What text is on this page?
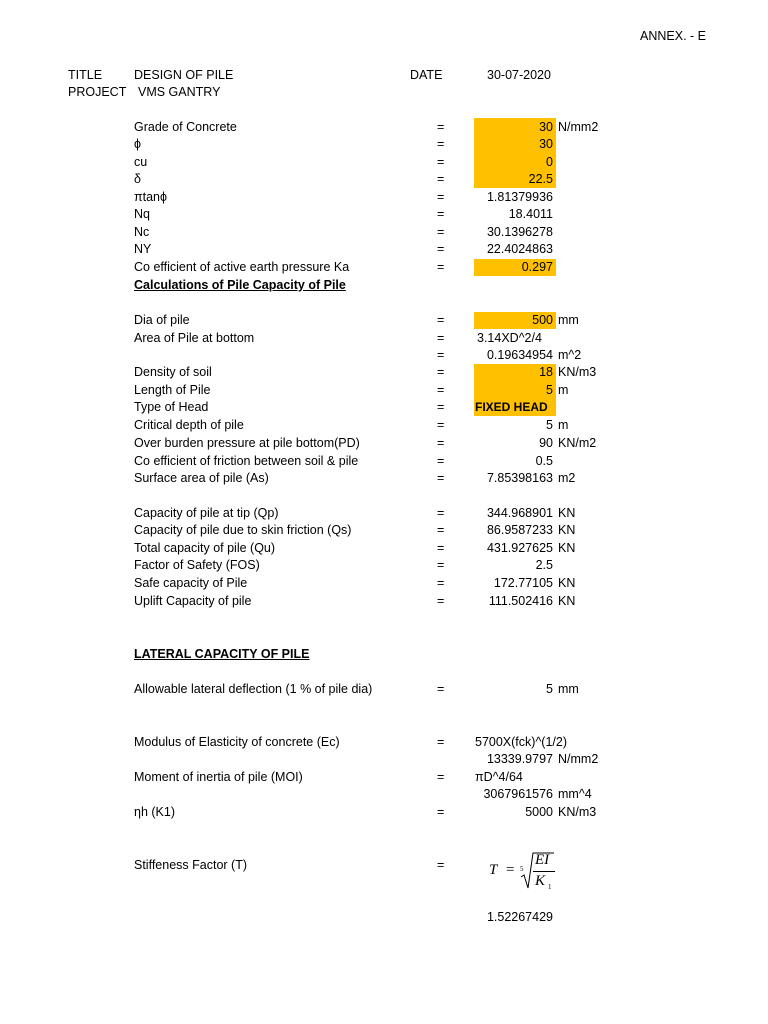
ANNEX. - E
TITLE	DESIGN OF PILE	DATE	30-07-2020
PROJECT VMS GANTRY
Grade of Concrete	=	30 N/mm2
ϕ	=	30
cu	=	0
δ	=	22.5
πtanϕ	=	1.81379936
Nq	=	18.4011
Nc	=	30.1396278
NY	=	22.4024863
Co efficient of active earth pressure Ka	=	0.297
Calculations of Pile Capacity of Pile
Dia of pile	=	500 mm
Area of Pile at bottom	=	3.14XD^2/4
=	0.19634954 m^2
Density of soil	=	18 KN/m3
Length of Pile	=	5 m
Type of Head	=	FIXED HEAD
Critical depth of pile	=	5 m
Over burden pressure at pile bottom(PD)	=	90 KN/m2
Co efficient of friction between soil & pile	=	0.5
Surface area of pile (As)	=	7.85398163 m2
Capacity of pile at tip (Qp)	=	344.968901 KN
Capacity of pile due to skin friction (Qs)	=	86.9587233 KN
Total capacity of pile (Qu)	=	431.927625 KN
Factor of Safety (FOS)	=	2.5
Safe capacity of Pile	=	172.77105 KN
Uplift Capacity of pile	=	111.502416 KN
LATERAL CAPACITY OF PILE
Allowable lateral deflection (1 % of pile dia)	=	5 mm
Modulus of Elasticity of concrete (Ec)	= 5700X(fck)^(1/2)
13339.9797 N/mm2
Moment of inertia of pile (MOI)	= πD^4/64
3067961576 mm^4
ηh (K1)	=	5000 KN/m3
Stiffeness Factor (T)	=	T = 5
EI
K 1
1.52267429
